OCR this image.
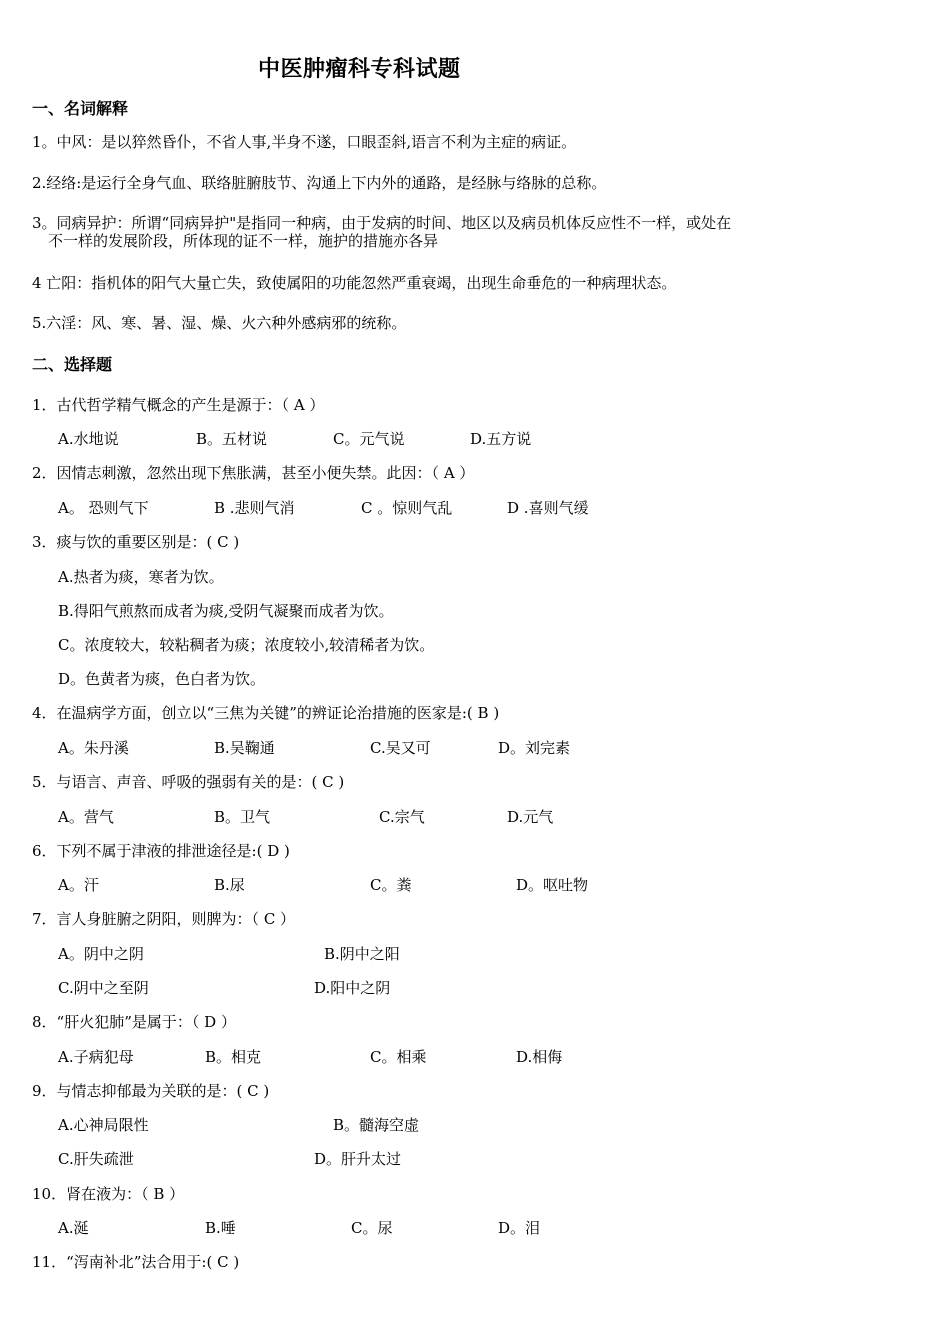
中医肿瘤科专科试题
一、名词解释
1。中风：是以猝然昏仆，不省人事,半身不遂，口眼歪斜,语言不利为主症的病证。
2.经络:是运行全身气血、联络脏腑肢节、沟通上下内外的通路，是经脉与络脉的总称。
3。同病异护：所谓“同病异护"是指同一种病，由于发病的时间、地区以及病员机体反应性不一样，或处在
不一样的发展阶段，所体现的证不一样，施护的措施亦各异
4 亡阳：指机体的阳气大量亡失，致使属阳的功能忽然严重衰竭，出现生命垂危的一种病理状态。
5.六淫：风、寒、暑、湿、燥、火六种外感病邪的统称。
二、选择题
1．古代哲学精气概念的产生是源于：（ A ）
A.水地说	B。五材说	C。元气说	D.五方说
2．因情志刺激，忽然出现下焦胀满，甚至小便失禁。此因：（ A ）
A。 恐则气下	B .悲则气消	C 。惊则气乱	D .喜则气缓
3．痰与饮的重要区别是：( C )
A.热者为痰，寒者为饮。
B.得阳气煎熬而成者为痰,受阴气凝聚而成者为饮。
C。浓度较大，较粘稠者为痰；浓度较小,较清稀者为饮。
D。色黄者为痰，色白者为饮。
4．在温病学方面，创立以“三焦为关键”的辨证论治措施的医家是:( B )
A。朱丹溪	B.吴鞠通	C.吴又可	D。刘完素
5．与语言、声音、呼吸的强弱有关的是：( C )
A。营气	B。卫气	C.宗气	D.元气
6．下列不属于津液的排泄途径是:( D )
A。汗	B.尿	C。粪	D。呕吐物
7．言人身脏腑之阴阳，则脾为：（ C ）
A。阴中之阴	B.阴中之阳
C.阴中之至阴	D.阳中之阴
8．“肝火犯肺”是属于：（ D ）
A.子病犯母	B。相克	C。相乘	D.相侮
9．与情志抑郁最为关联的是：( C )
A.心神局限性	B。髓海空虚
C.肝失疏泄	D。肝升太过
10．肾在液为：（ B ）
A.涎	B.唾	C。尿	D。泪
11．“泻南补北”法合用于:( C )
